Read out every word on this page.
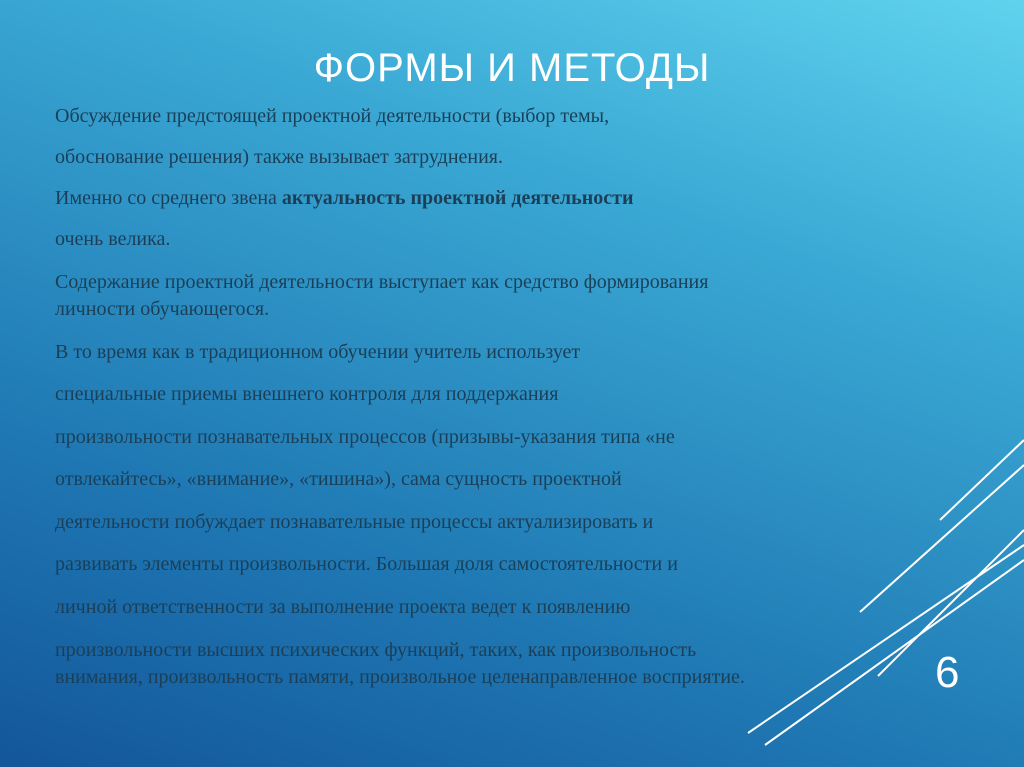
ФОРМЫ И МЕТОДЫ
Обсуждение предстоящей проектной деятельности (выбор темы,
обоснование решения) также вызывает затруднения.
Именно со среднего звена актуальность проектной деятельности
очень велика.
Содержание проектной деятельности выступает как средство формирования
личности обучающегося.
В то время как в традиционном обучении учитель использует
специальные приемы внешнего контроля для поддержания
произвольности познавательных процессов (призывы-указания типа «не
отвлекайтесь», «внимание», «тишина»), сама сущность проектной
деятельности побуждает познавательные процессы актуализировать и
развивать элементы произвольности. Большая доля самостоятельности и
личной ответственности за выполнение проекта ведет к появлению
произвольности высших психических функций, таких, как произвольность
внимания, произвольность памяти, произвольное целенаправленное восприятие.	6
